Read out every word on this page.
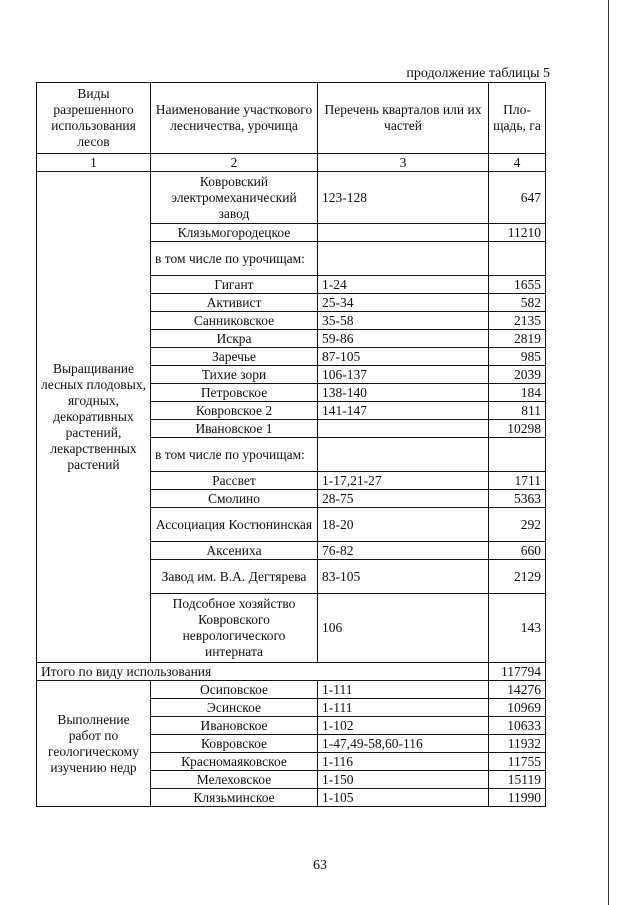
продолжение таблицы 5
Виды разрешенного использования лесов	Наименование участкового лесничества, урочища	Перечень кварталов или их частей	Пло-щадь, га
1	2	3	4
Выращивание лесных плодовых, ягодных, декоративных растений, лекарственных растений	Ковровский электромеханический завод	123-128	647
	Клязьмогородецкое		11210
	в том числе по урочищам:		
	Гигант	1-24	1655
	Активист	25-34	582
	Санниковское	35-58	2135
	Искра	59-86	2819
	Заречье	87-105	985
	Тихие зори	106-137	2039
	Петровское	138-140	184
	Ковровское 2	141-147	811
	Ивановское 1		10298
	в том числе по урочищам:		
	Рассвет	1-17,21-27	1711
	Смолино	28-75	5363
	Ассоциация Костюнинская	18-20	292
	Аксениха	76-82	660
	Завод им. В.А. Дегтярева	83-105	2129
	Подсобное хозяйство Ковровского неврологического интерната	106	143
Итого по виду использования			117794
Выполнение работ по геологическому изучению недр	Осиповское	1-111	14276
	Эсинское	1-111	10969
	Ивановское	1-102	10633
	Ковровское	1-47,49-58,60-116	11932
	Красномаяковское	1-116	11755
	Мелеховское	1-150	15119
	Клязьминское	1-105	11990
63
